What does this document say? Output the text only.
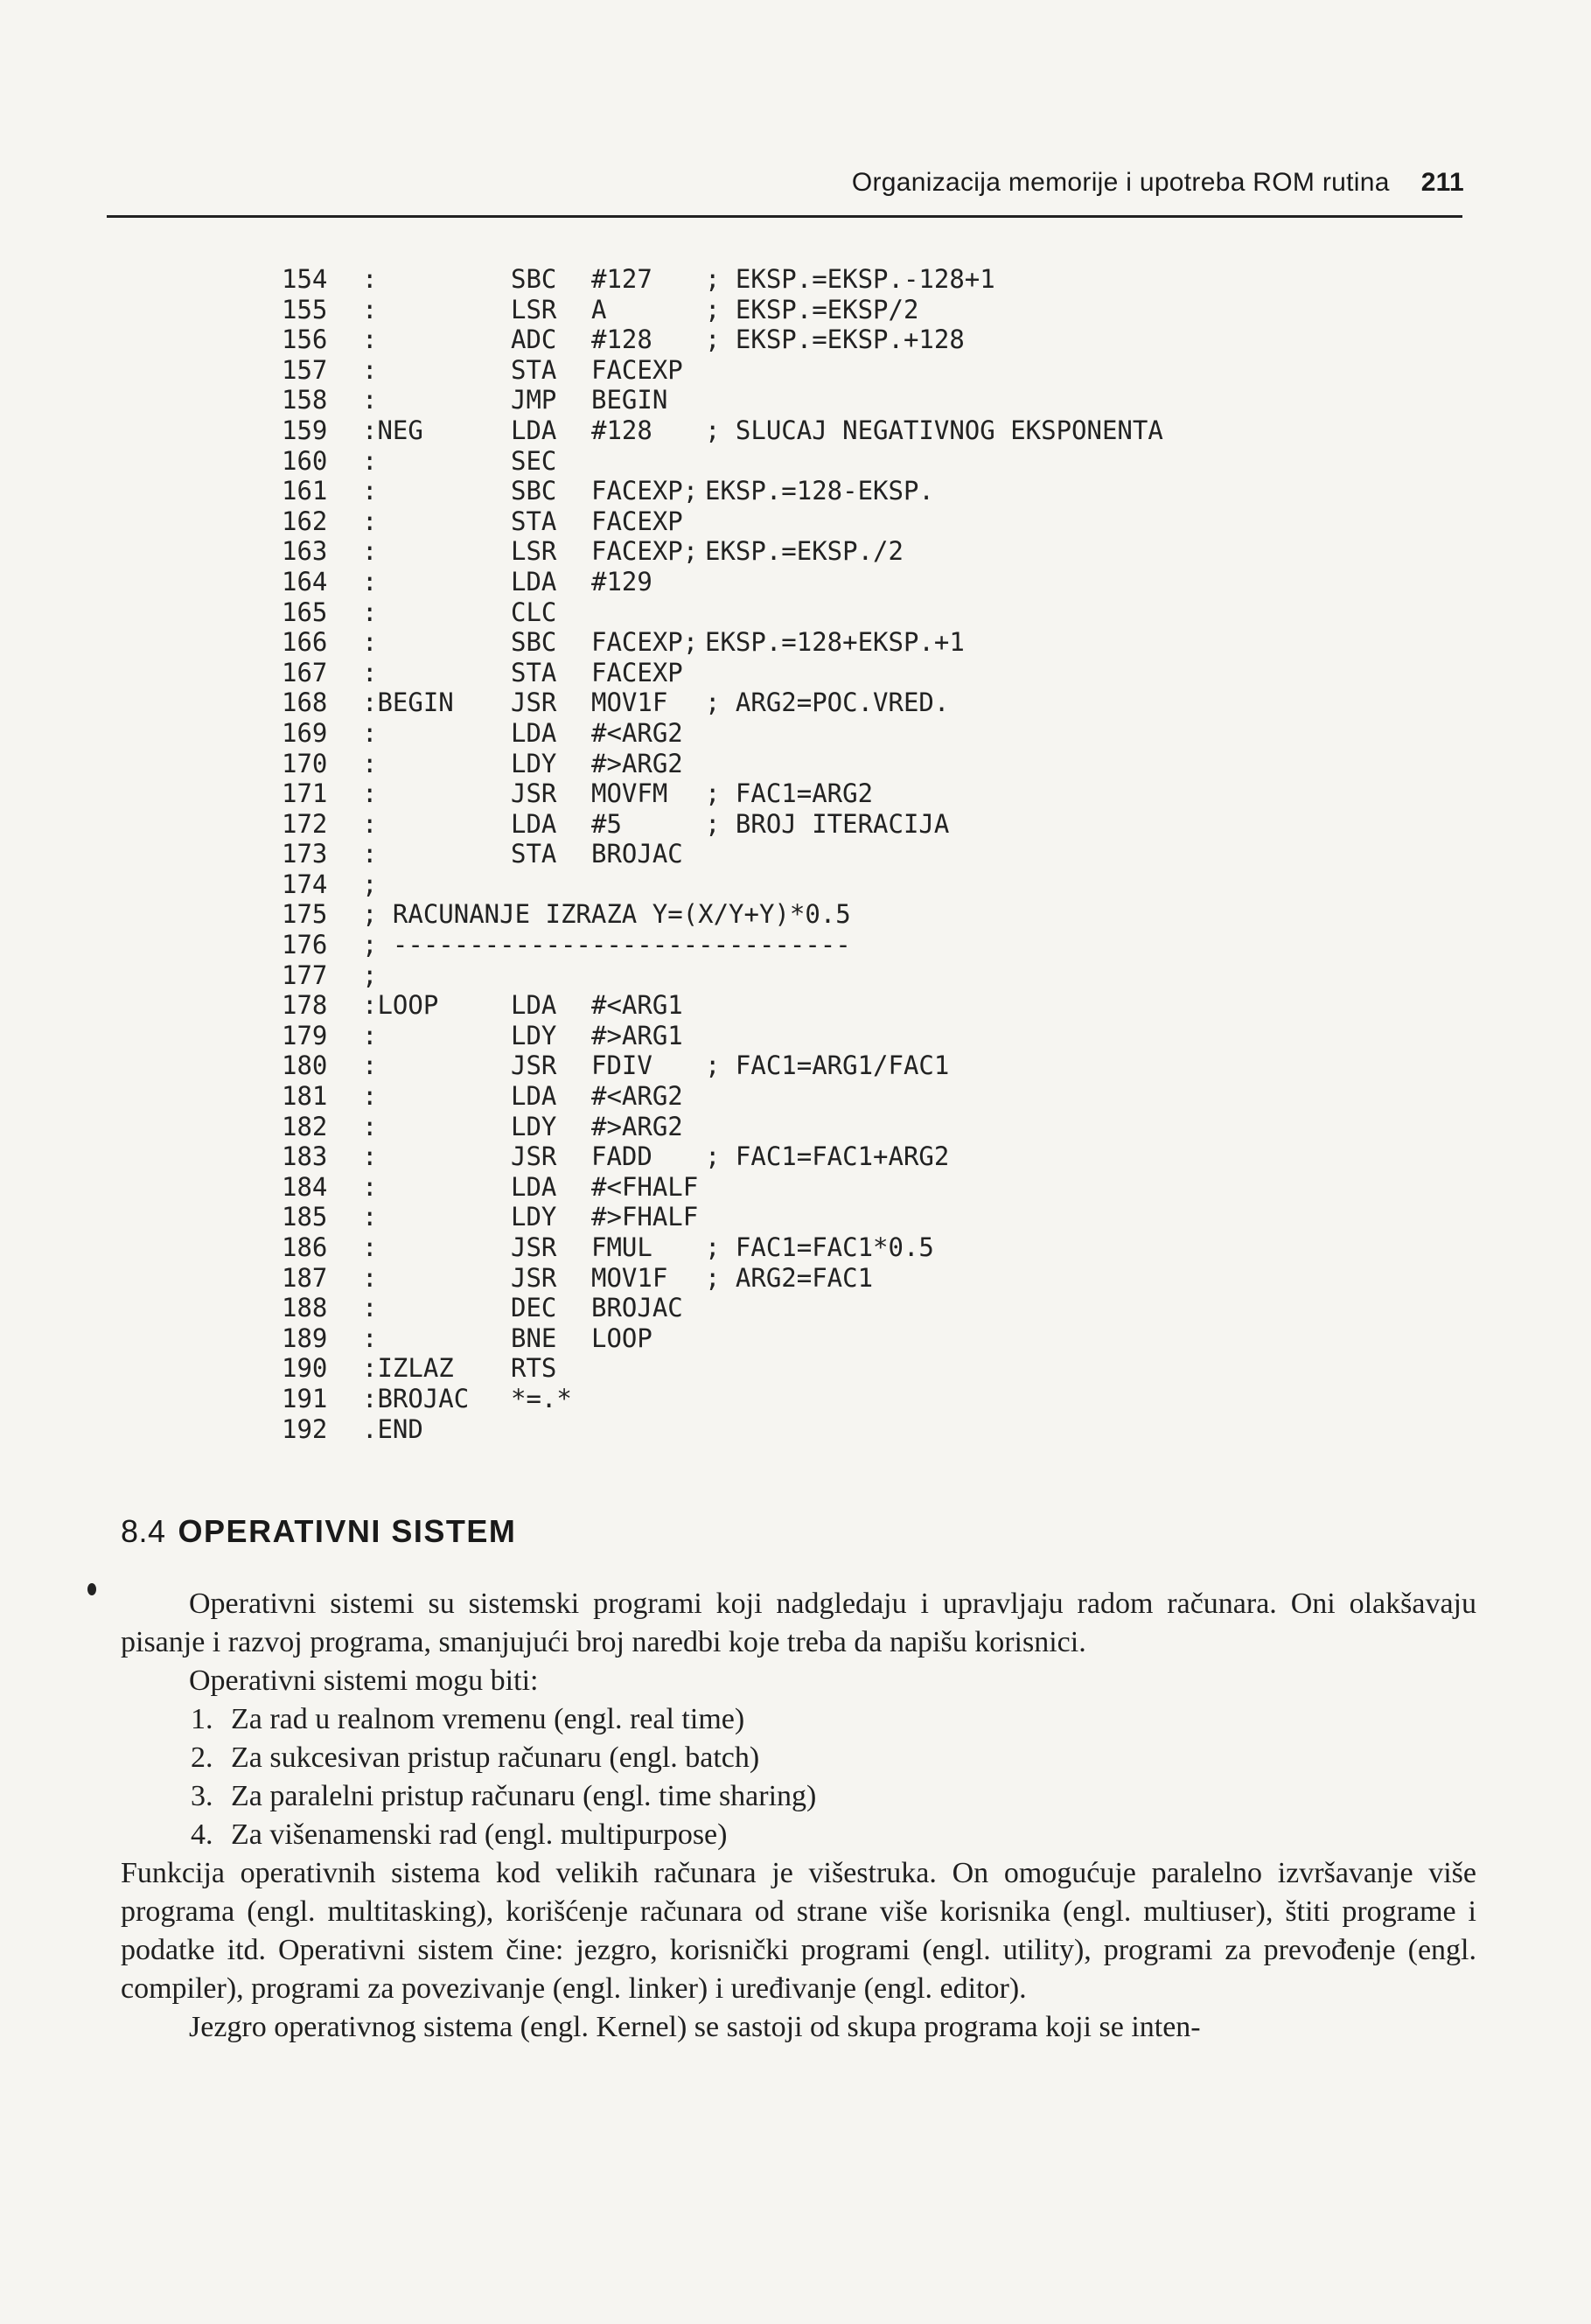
Organizacija memorije i upotreba ROM rutina 211
154 :	SBC #127 ; EKSP.=EKSP.-128+1
155 :	LSR A	; EKSP.=EKSP/2
156 :	ADC #128 ; EKSP.=EKSP.+128
157 :	STA FACEXP
158 :	JMP BEGIN
159 :NEG	LDA #128 ; SLUCAJ NEGATIVNOG EKSPONENTA
160 :	SEC
161 :	SBC FACEXP; EKSP.=128-EKSP.
162 :	STA FACEXP
163 :	LSR FACEXP; EKSP.=EKSP./2
164 :	LDA #129
165 :	CLC
166 :	SBC FACEXP; EKSP.=128+EKSP.+1
167 :	STA FACEXP
168 :BEGIN JSR MOV1F ; ARG2=POC.VRED.
169 :	LDA #<ARG2
170 :	LDY #>ARG2
171 :	JSR MOVFM ; FAC1=ARG2
172 :	LDA #5	; BROJ ITERACIJA
173 :	STA BROJAC
174 ;
175 ; RACUNANJE IZRAZA Y=(X/Y+Y)*0.5
176 ; ------------------------------
177 ;
178 :LOOP	LDA #<ARG1
179 :	LDY #>ARG1
180 :	JSR FDIV ; FAC1=ARG1/FAC1
181 :	LDA #<ARG2
182 :	LDY #>ARG2
183 :	JSR FADD ; FAC1=FAC1+ARG2
184 :	LDA #<FHALF
185 :	LDY #>FHALF
186 :	JSR FMUL ; FAC1=FAC1*0.5
187 :	JSR MOV1F ; ARG2=FAC1
188 :	DEC BROJAC
189 :	BNE LOOP
190 :IZLAZ RTS
191 :BROJAC *=.*
192 .END
8.4 OPERATIVNI SISTEM

Operativni sistemi su sistemski programi koji nadgledaju i upravljaju radom računara. Oni olakšavaju pisanje i razvoj programa, smanjujući broj naredbi koje treba da napišu korisnici.

Operativni sistemi mogu biti:

1. Za rad u realnom vremenu (engl. real time)
2. Za sukcesivan pristup računaru (engl. batch)
3. Za paralelni pristup računaru (engl. time sharing)
4. Za višenamenski rad (engl. multipurpose)

Funkcija operativnih sistema kod velikih računara je višestruka. On omogućuje paralelno izvršavanje više programa (engl. multitasking), korišćenje računara od strane više korisnika (engl. multiuser), štiti programe i podatke itd. Operativni sistem čine: jezgro, korisnički programi (engl. utility), programi za prevođenje (engl. compiler), programi za povezivanje (engl. linker) i uređivanje (engl. editor).

Jezgro operativnog sistema (engl. Kernel) se sastoji od skupa programa koji se inten-
